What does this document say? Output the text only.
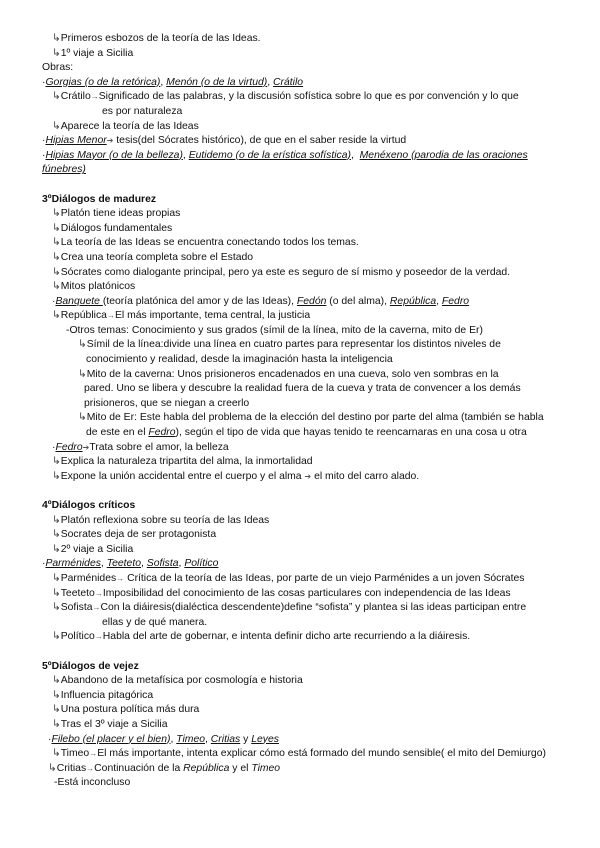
↳Primeros esbozos de la teoría de las Ideas.
↳1º viaje a Sicilia
Obras:
·Gorgias (o de la retórica), Menón (o de la virtud), Crátilo
↳Crátilo→Significado de las palabras, y la discusión sofística sobre lo que es por convención y lo que
es por naturaleza
↳Aparece la teoría de las Ideas
·Hipias Menor➔ tesis(del Sócrates histórico), de que en el saber reside la virtud
·Hipias Mayor (o de la belleza), Eutidemo (o de la erística sofística),  Menéxeno (parodia de las oraciones
fúnebres)
3ºDiálogos de madurez
↳Platón tiene ideas propias
↳Diálogos fundamentales
↳La teoría de las Ideas se encuentra conectando todos los temas.
↳Crea una teoría completa sobre el Estado
↳Sócrates como dialogante principal, pero ya este es seguro de sí mismo y poseedor de la verdad.
↳Mitos platónicos
·Banquete (teoría platónica del amor y de las Ideas), Fedón (o del alma), República, Fedro
↳República→El más importante, tema central, la justicia
-Otros temas: Conocimiento y sus grados (símil de la línea, mito de la caverna, mito de Er)
↳Símil de la línea:divide una línea en cuatro partes para representar los distintos niveles de
conocimiento y realidad, desde la imaginación hasta la inteligencia
↳Mito de la caverna: Unos prisioneros encadenados en una cueva, solo ven sombras en la
pared. Uno se libera y descubre la realidad fuera de la cueva y trata de convencer a los demás
prisioneros, que se niegan a creerlo
↳Mito de Er: Este habla del problema de la elección del destino por parte del alma (también se habla
de este en el Fedro), según el tipo de vida que hayas tenido te reencarnaras en una cosa u otra
·Fedro➔Trata sobre el amor, la belleza
↳Explica la naturaleza tripartita del alma, la inmortalidad
↳Expone la unión accidental entre el cuerpo y el alma ➔ el mito del carro alado.
4ºDiálogos críticos
↳Platón reflexiona sobre su teoría de las Ideas
↳Socrates deja de ser protagonista
↳2º viaje a Sicilia
·Parménides, Teeteto, Sofista, Político
↳Parménides→ Crítica de la teoría de las Ideas, por parte de un viejo Parménides a un joven Sócrates
↳Teeteto→Imposibilidad del conocimiento de las cosas particulares con independencia de las Ideas
↳Sofista→Con la diáiresis(dialéctica descendente)define “sofista” y plantea si las ideas participan entre
ellas y de qué manera.
↳Político→Habla del arte de gobernar, e intenta definir dicho arte recurriendo a la diáiresis.
5ºDiálogos de vejez
↳Abandono de la metafísica por cosmología e historia
↳Influencia pitagórica
↳Una postura política más dura
↳Tras el 3º viaje a Sicilia
·Filebo (el placer y el bien), Timeo, Critias y Leyes
↳Timeo→El más importante, intenta explicar cómo está formado del mundo sensible( el mito del Demiurgo)
↳Critias→Continuación de la República y el Timeo
-Está inconcluso
